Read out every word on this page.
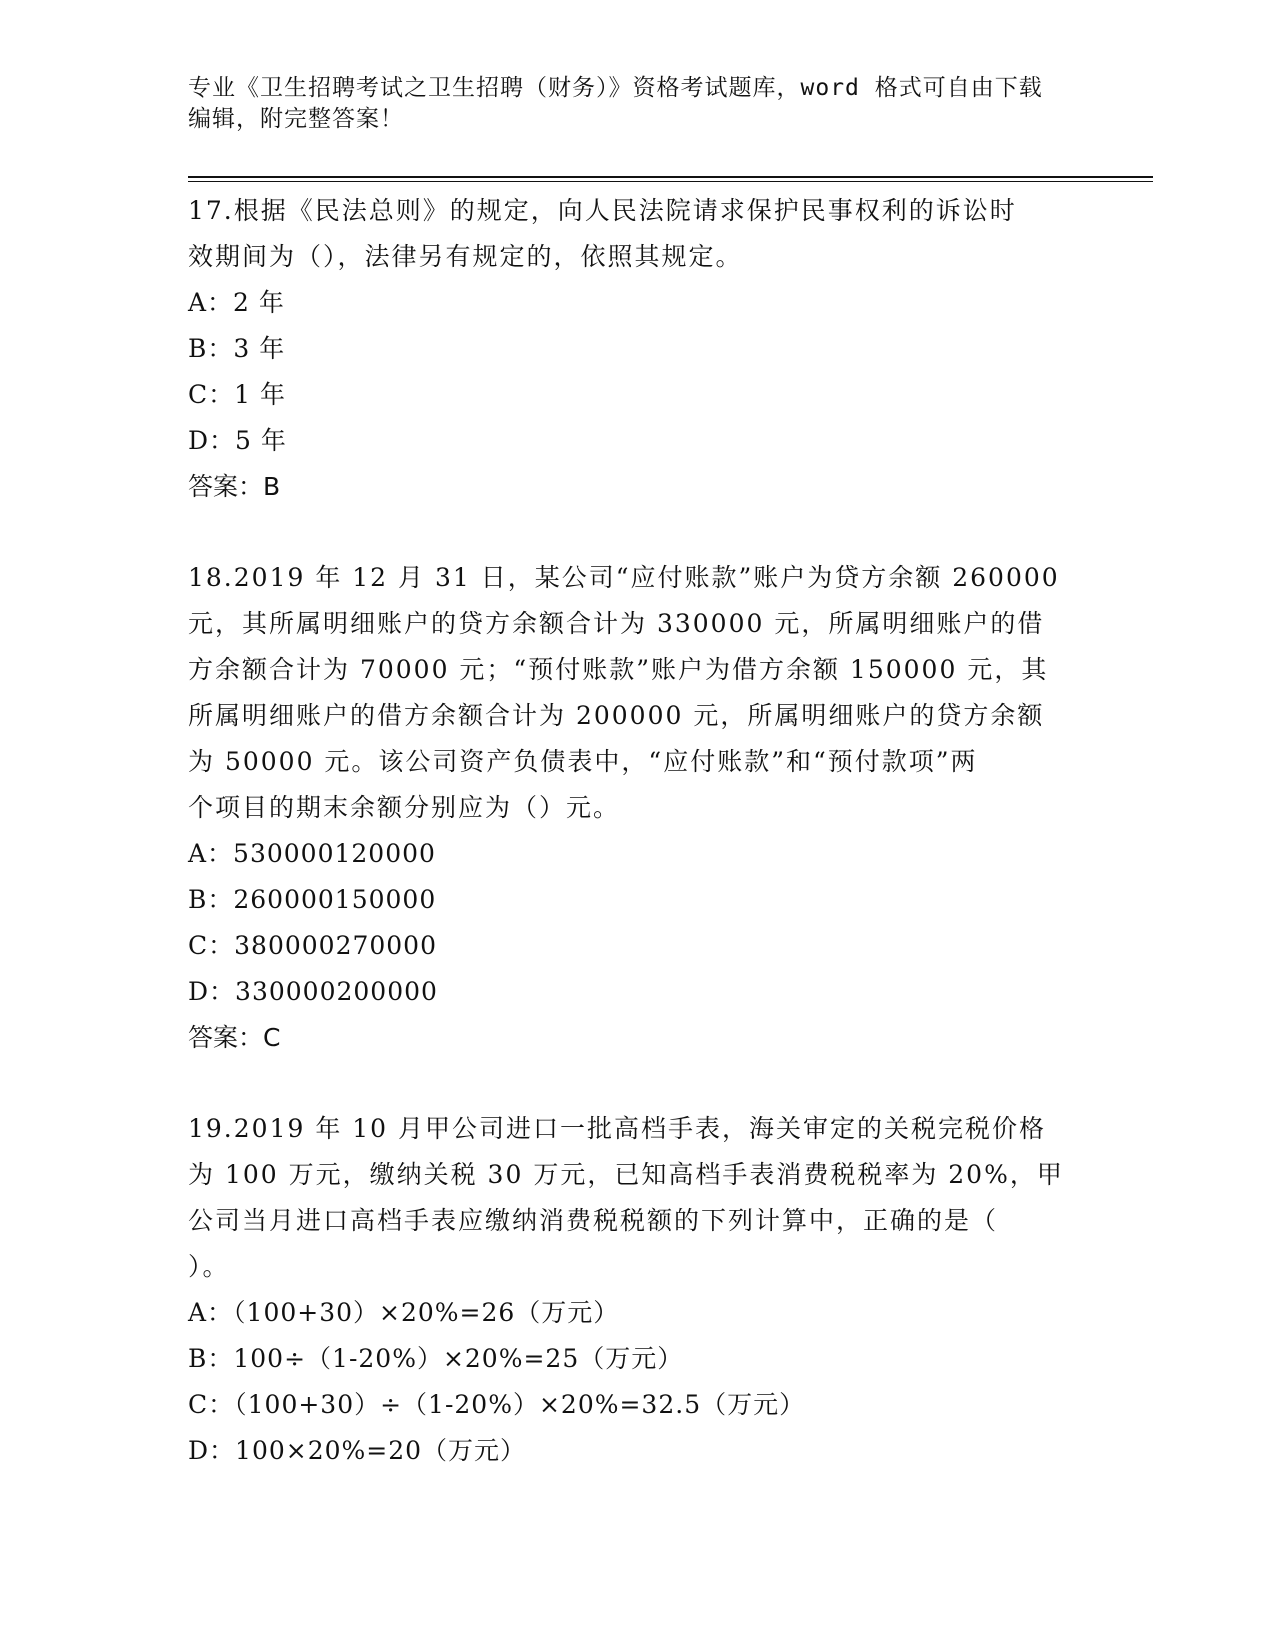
专业《卫生招聘考试之卫生招聘（财务）》资格考试题库，word 格式可自由下载
编辑，附完整答案！

17.根据《民法总则》的规定，向人民法院请求保护民事权利的诉讼时

效期间为（），法律另有规定的，依照其规定。

A：2 年

B：3 年

C：1 年

D：5 年

答案：B

18.2019 年 12 月 31 日，某公司“应付账款”账户为贷方余额 260000

元，其所属明细账户的贷方余额合计为 330000 元，所属明细账户的借

方余额合计为 70000 元；“预付账款”账户为借方余额 150000 元，其

所属明细账户的借方余额合计为 200000 元，所属明细账户的贷方余额

为 50000 元。该公司资产负债表中，“应付账款”和“预付款项”两

个项目的期末余额分别应为（）元。

A：530000120000

B：260000150000

C：380000270000

D：330000200000

答案：C

19.2019 年 10 月甲公司进口一批高档手表，海关审定的关税完税价格

为 100 万元，缴纳关税 30 万元，已知高档手表消费税税率为 20%，甲

公司当月进口高档手表应缴纳消费税税额的下列计算中，正确的是（

）。

A：（100+30）×20%=26（万元）

B：100÷（1-20%）×20%=25（万元）

C：（100+30）÷（1-20%）×20%=32.5（万元）

D：100×20%=20（万元）
